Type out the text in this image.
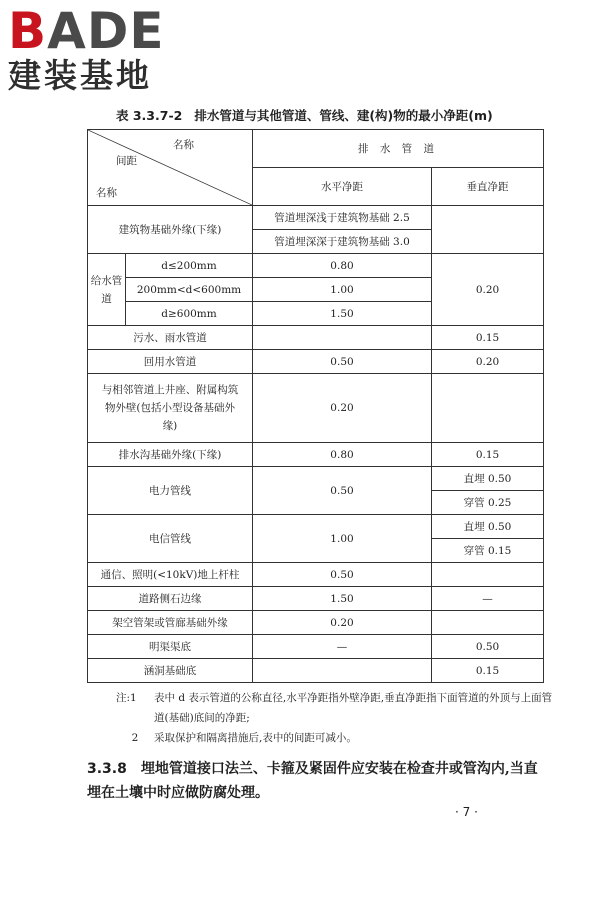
BADE
建装基地
表 3.3.7-2 排水管道与其他管道、管线、建(构)物的最小净距(m)
名称
间距
名称		排 水 管 道	
		水平净距	垂直净距
建筑物基础外缘(下缘)		管道埋深浅于建筑物基础 2.5	
		管道埋深深于建筑物基础 3.0	
给水管道	d≤200mm	0.80	0.20
	200mm<d<600mm	1.00	
	d≥600mm	1.50	
污水、雨水管道			0.15
回用水管道		0.50	0.20
与相邻管道上井座、附属构筑物外壁(包括小型设备基础外缘)		0.20	
排水沟基础外缘(下缘)		0.80	0.15
电力管线		0.50	直埋 0.50
			穿管 0.25
电信管线		1.00	直埋 0.50
			穿管 0.15
通信、照明(<10kV)地上杆柱		0.50	
道路侧石边缘		1.50	—
架空管架或管廊基础外缘		0.20	
明渠渠底		—	0.50
涵洞基础底			0.15
注:1	表中 d 表示管道的公称直径,水平净距指外壁净距,垂直净距指下面管道的外顶与上面管道(基础)底间的净距;
2	采取保护和隔离措施后,表中的间距可减小。
3.3.8 埋地管道接口法兰、卡箍及紧固件应安装在检查井或管沟内,当直埋在土壤中时应做防腐处理。
· 7 ·
